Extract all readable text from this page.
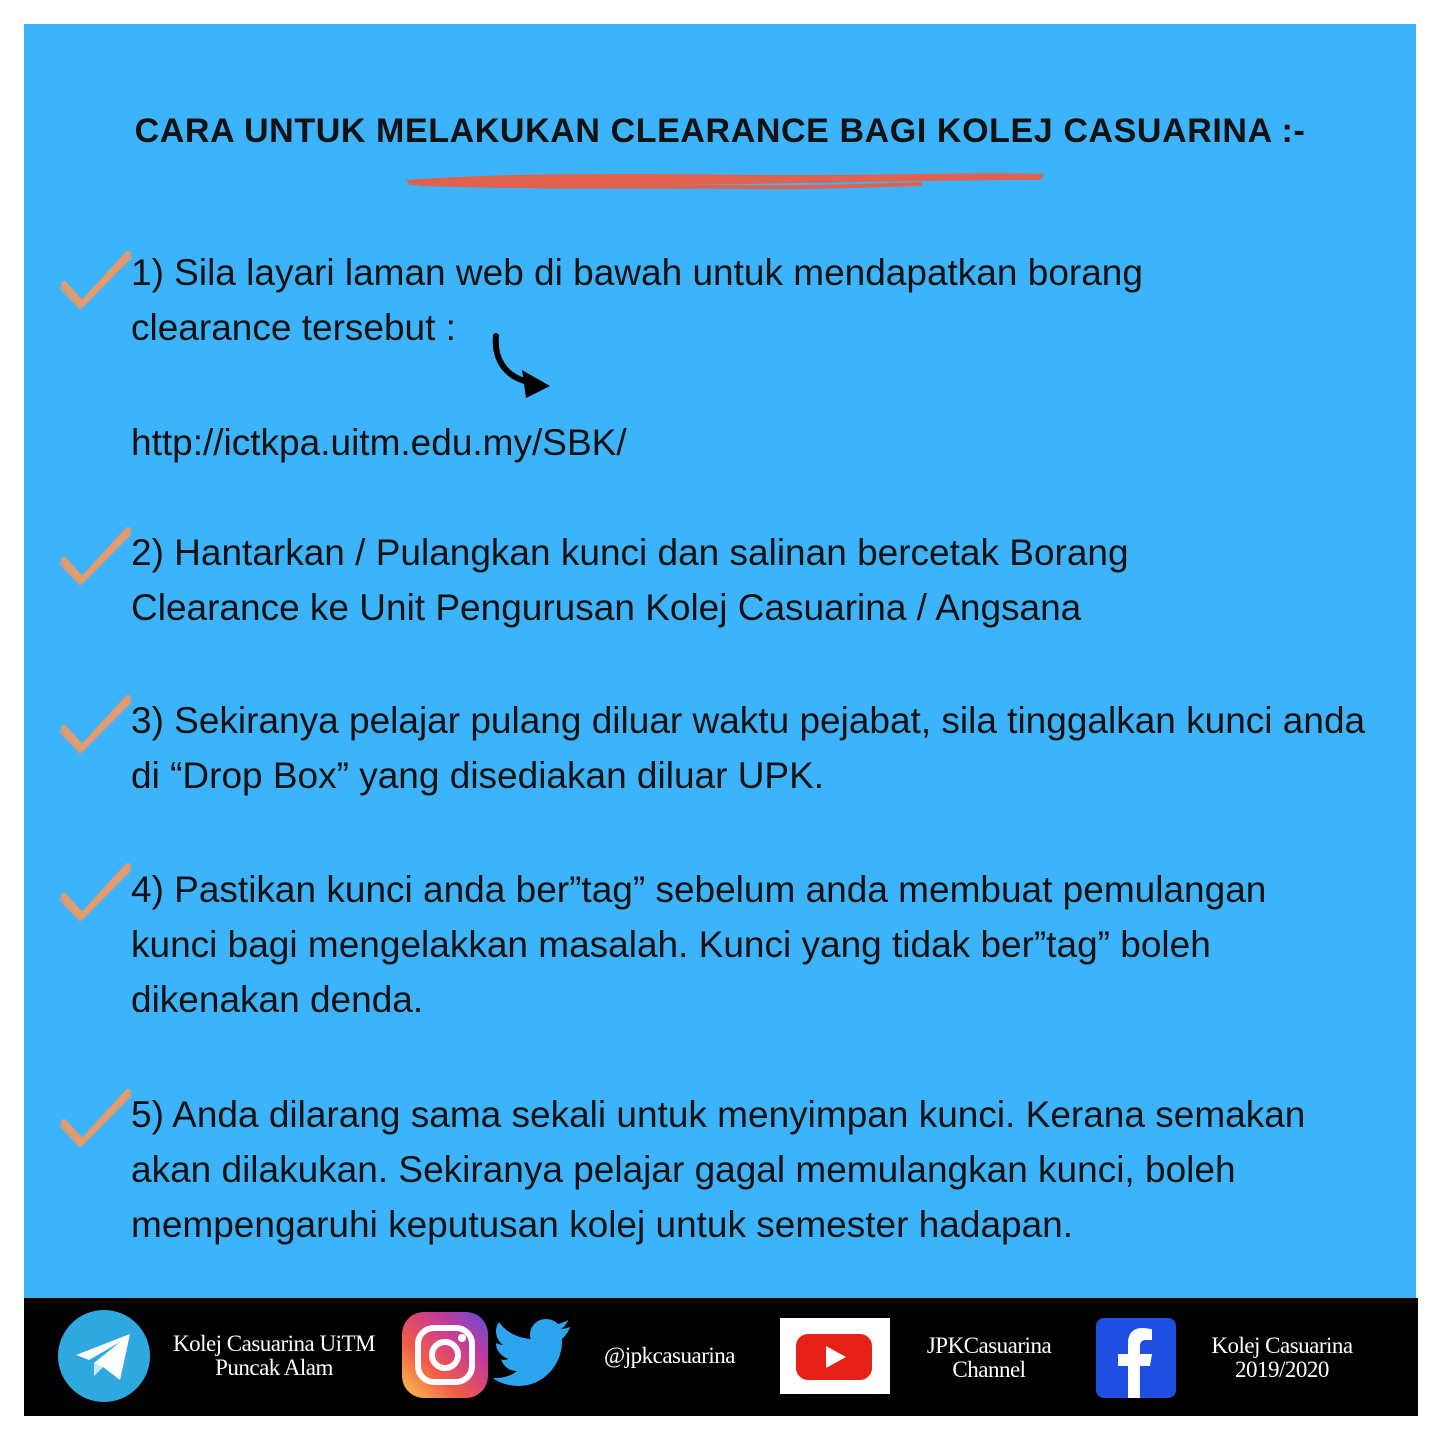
CARA UNTUK MELAKUKAN CLEARANCE BAGI KOLEJ CASUARINA :-

1) Sila layari laman web di bawah untuk mendapatkan borang clearance tersebut :

http://ictkpa.uitm.edu.my/SBK/

2) Hantarkan / Pulangkan kunci dan salinan bercetak Borang Clearance ke Unit Pengurusan Kolej Casuarina / Angsana

3) Sekiranya pelajar pulang diluar waktu pejabat, sila tinggalkan kunci anda di “Drop Box” yang disediakan diluar UPK.

4) Pastikan kunci anda ber”tag” sebelum anda membuat pemulangan kunci bagi mengelakkan masalah. Kunci yang tidak ber”tag” boleh dikenakan denda.

5) Anda dilarang sama sekali untuk menyimpan kunci. Kerana semakan akan dilakukan. Sekiranya pelajar gagal memulangkan kunci, boleh mempengaruhi keputusan kolej untuk semester hadapan.

Kolej Casuarina UiTM
Puncak Alam	@jpkcasuarina	JPKCasuarina
Channel
Kolej Casuarina
2019/2020
